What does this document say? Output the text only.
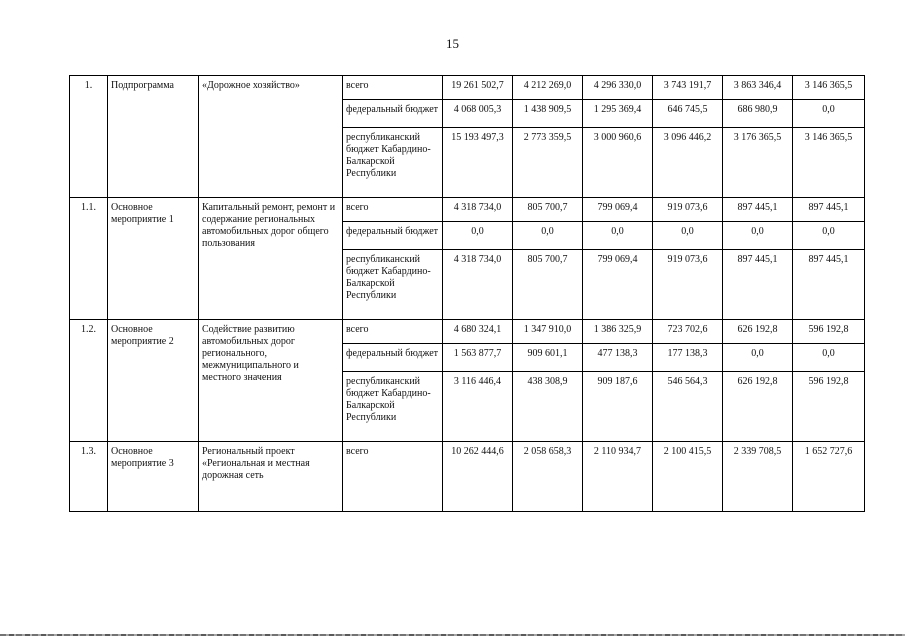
15
1.	Подпрограмма	«Дорожное хозяйство»	всего	19 261 502,7	4 212 269,0	4 296 330,0	3 743 191,7	3 863 346,4	3 146 365,5
			федеральный бюджет	4 068 005,3	1 438 909,5	1 295 369,4	646 745,5	686 980,9	0,0
			республиканский бюджет Кабардино-Балкарской Республики	15 193 497,3	2 773 359,5	3 000 960,6	3 096 446,2	3 176 365,5	3 146 365,5
1.1.	Основное мероприятие 1	Капитальный ремонт, ремонт и содержание региональных автомобильных дорог общего пользования	всего	4 318 734,0	805 700,7	799 069,4	919 073,6	897 445,1	897 445,1
			федеральный бюджет	0,0	0,0	0,0	0,0	0,0	0,0
			республиканский бюджет Кабардино-Балкарской Республики	4 318 734,0	805 700,7	799 069,4	919 073,6	897 445,1	897 445,1
1.2.	Основное мероприятие 2	Содействие развитию автомобильных дорог регионального, межмуниципального и местного значения	всего	4 680 324,1	1 347 910,0	1 386 325,9	723 702,6	626 192,8	596 192,8
			федеральный бюджет	1 563 877,7	909 601,1	477 138,3	177 138,3	0,0	0,0
			республиканский бюджет Кабардино-Балкарской Республики	3 116 446,4	438 308,9	909 187,6	546 564,3	626 192,8	596 192,8
1.3.	Основное мероприятие 3	Региональный проект «Региональная и местная дорожная сеть	всего	10 262 444,6	2 058 658,3	2 110 934,7	2 100 415,5	2 339 708,5	1 652 727,6
